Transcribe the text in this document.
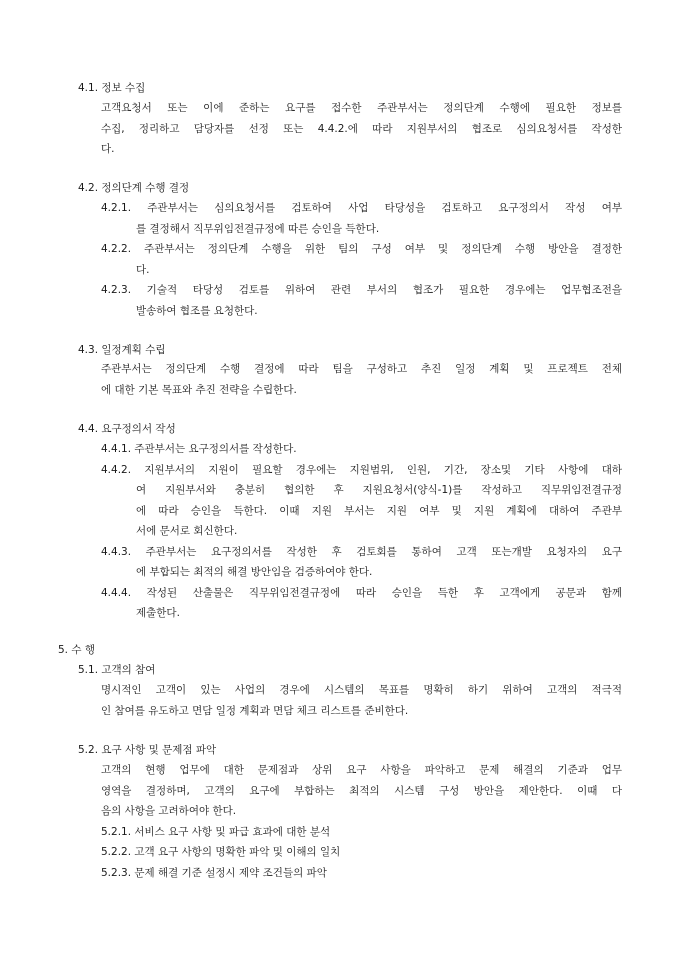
4.1. 정보 수집
고객요청서 또는 이에 준하는 요구를 접수한 주관부서는 정의단계 수행에 필요한 정보를
수집, 정리하고 담당자를 선정 또는 4.4.2.에 따라 지원부서의 협조로 심의요청서를 작성한
다.
4.2. 정의단계 수행 결정
4.2.1. 주관부서는 심의요청서를 검토하여 사업 타당성을 검토하고 요구정의서 작성 여부
를 결정해서 직무위임전결규정에 따른 승인을 득한다.
4.2.2. 주관부서는 정의단계 수행을 위한 팀의 구성 여부 및 정의단계 수행 방안을 결정한
다.
4.2.3. 기술적 타당성 검토를 위하여 관련 부서의 협조가 필요한 경우에는 업무협조전을
발송하여 협조를 요청한다.
4.3. 일정계획 수립
주관부서는 정의단계 수행 결정에 따라 팀을 구성하고 추진 일정 계획 및 프로젝트 전체
에 대한 기본 목표와 추진 전략을 수립한다.
4.4. 요구정의서 작성
4.4.1. 주관부서는 요구정의서를 작성한다.
4.4.2. 지원부서의 지원이 필요할 경우에는 지원범위, 인원, 기간, 장소및 기타 사항에 대하
여 지원부서와 충분히 협의한 후 지원요청서(양식-1)를 작성하고 직무위임전결규정
에 따라 승인을 득한다. 이때 지원 부서는 지원 여부 및 지원 계획에 대하여 주관부
서에 문서로 회신한다.
4.4.3. 주관부서는 요구정의서를 작성한 후 검토회를 통하여 고객 또는개발 요청자의 요구
에 부합되는 최적의 해결 방안임을 검증하여야 한다.
4.4.4. 작성된 산출물은 직무위임전결규정에 따라 승인을 득한 후 고객에게 공문과 함께
제출한다.
5. 수 행
5.1. 고객의 참여
명시적인 고객이 있는 사업의 경우에 시스템의 목표를 명확히 하기 위하여 고객의 적극적
인 참여를 유도하고 면담 일정 계획과 면담 체크 리스트를 준비한다.
5.2. 요구 사항 및 문제점 파악
고객의 현행 업무에 대한 문제점과 상위 요구 사항을 파악하고 문제 해결의 기준과 업무
영역을 결정하며, 고객의 요구에 부합하는 최적의 시스템 구성 방안을 제안한다. 이때 다
음의 사항을 고려하여야 한다.
5.2.1. 서비스 요구 사항 및 파급 효과에 대한 분석
5.2.2. 고객 요구 사항의 명확한 파악 및 이해의 일치
5.2.3. 문제 해결 기준 설정시 제약 조건들의 파악
